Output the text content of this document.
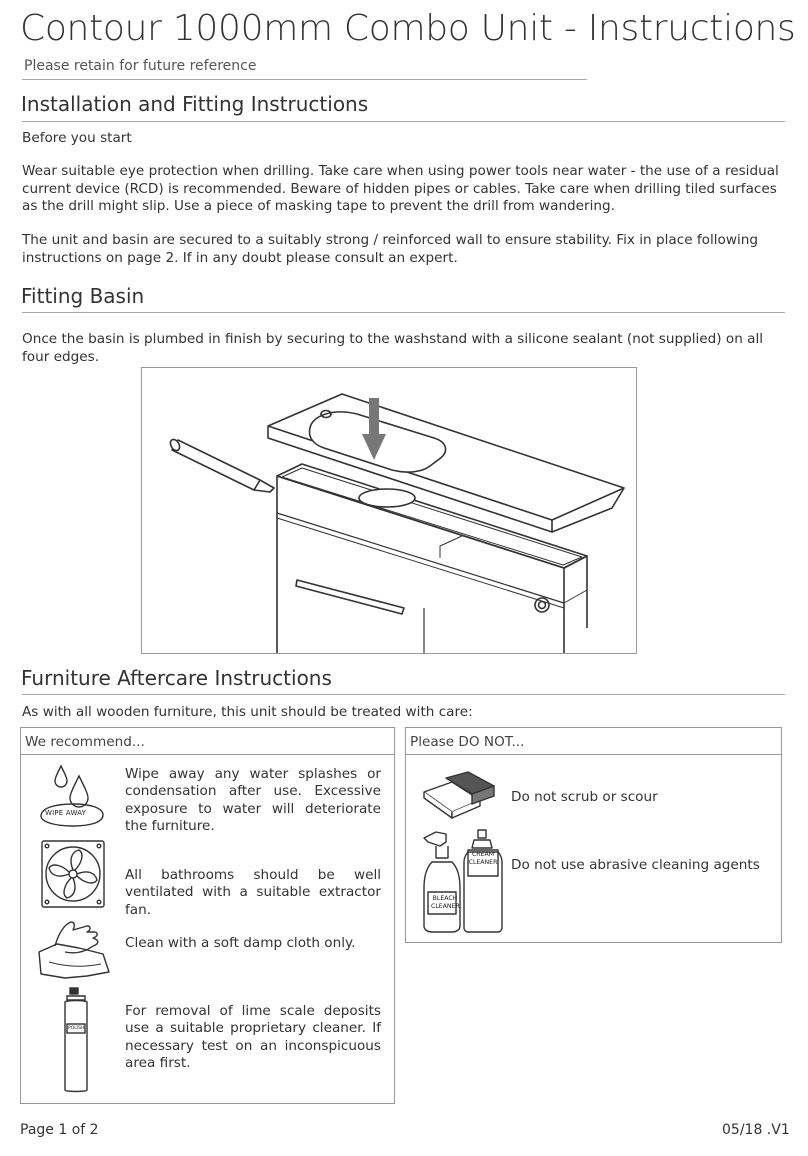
Contour 1000mm Combo Unit - Instructions
Please retain for future reference
Installation and Fitting Instructions
Before you start
Wear suitable eye protection when drilling. Take care when using power tools near water - the use of a residual current device (RCD) is recommended. Beware of hidden pipes or cables. Take care when drilling tiled surfaces as the drill might slip. Use a piece of masking tape to prevent the drill from wandering.
The unit and basin are secured to a suitably strong / reinforced wall to ensure stability. Fix in place following instructions on page 2. If in any doubt please consult an expert.
Fitting Basin
Once the basin is plumbed in finish by securing to the washstand with a silicone sealant (not supplied) on all four edges.
Furniture Aftercare Instructions
As with all wooden furniture, this unit should be treated with care:
We recommend...
WIPE AWAY
Wipe away any water splashes or condensation after use. Excessive exposure to water will deteriorate the furniture.
All bathrooms should be well ventilated with a suitable extractor fan.
Clean with a soft damp cloth only.
POLISH
For removal of lime scale deposits use a suitable proprietary cleaner. If necessary test on an inconspicuous area first.
Please DO NOT...
Do not scrub or scour
BLEACH
CLEANER
CREAM
CLEANER Do not use abrasive cleaning agents
Page 1 of 2	05/18 .V1
